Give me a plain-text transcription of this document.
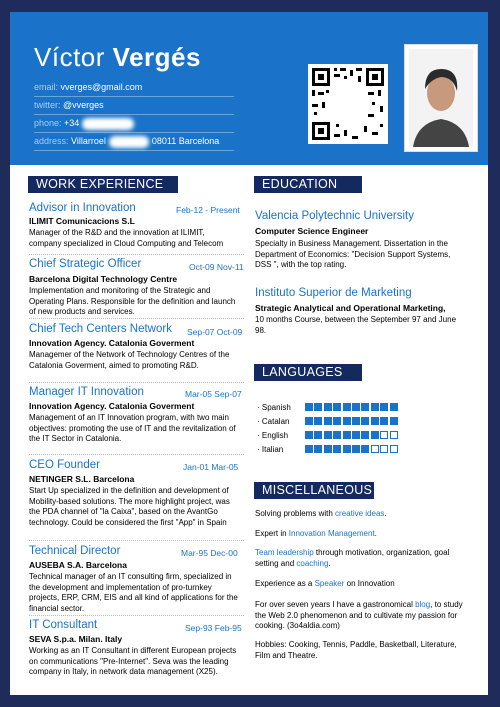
Víctor Vergés
email: vverges@gmail.com
twitter: @vverges
phone: +34
address: Villarroel	08011 Barcelona
WORK EXPERIENCE
Advisor in Innovation	Feb-12 - Present
ILIMIT Comunicacions S.L
Manager of the R&D and the innovation at ILIMIT, company specialized in Cloud Computing and Telecom
Chief Strategic Officer	Oct-09 Nov-11
Barcelona Digital Technology Centre
Implementation and monitoring of the Strategic and Operating Plans. Responsible for the definition and launch of new products and services.
Chief Tech Centers Network Sep-07 Oct-09
Innovation Agency. Catalonia Goverment
Managemer of the Network of Technology Centres of the Catalonia Goverment, aimed to promoting R&D.
Manager IT Innovation	Mar-05 Sep-07
Innovation Agency. Catalonia Goverment
Management of an IT Innovation program, with two main objectives: promoting the use of IT and the revitalization of the IT Sector in Catalonia.
CEO Founder	Jan-01 Mar-05
NETINGER S.L. Barcelona
Start Up specialized in the definition and development of Mobility-based solutions. The more highlight project, was the PDA channel of "la Caixa", based on the AvantGo technology. Could be considered the first "App" in Spain
Technical Director	Mar-95 Dec-00
AUSEBA S.A. Barcelona
Technical manager of an IT consulting firm, specialized in the development and implementation of pro-turnkey projects, ERP, CRM, EIS and all kind of applications for the financial sector.
IT Consultant	Sep-93 Feb-95
SEVA S.p.a. Milan. Italy
Working as an IT Consultant in different European projects on communications "Pre-Internet". Seva was the leading company in Italy, in network data management (X25).
EDUCATION
Valencia Polytechnic University
Computer Science Engineer
Specialty in Business Management. Dissertation in the Department of Economics: "Decision Support Systems, DSS ", with the top rating.
Instituto Superior de Marketing
Strategic Analytical and Operational Marketing,
10 months Course, between the September 97 and June 98.
LANGUAGES
· Spanish
· Catalan
· English
· Italian
MISCELLANEOUS
Solving problems with creative ideas.
Expert in Innovation Management.
Team leadership through motivation, organization, goal setting and coaching.
Experience as a Speaker on Innovation
For over seven years I have a gastronomical blog, to study the Web 2.0 phenomenon and to cultivate my passion for cooking. (3o4aldia.com)
Hobbies: Cooking, Tennis, Paddle, Basketball, Literature, Film and Theatre.
